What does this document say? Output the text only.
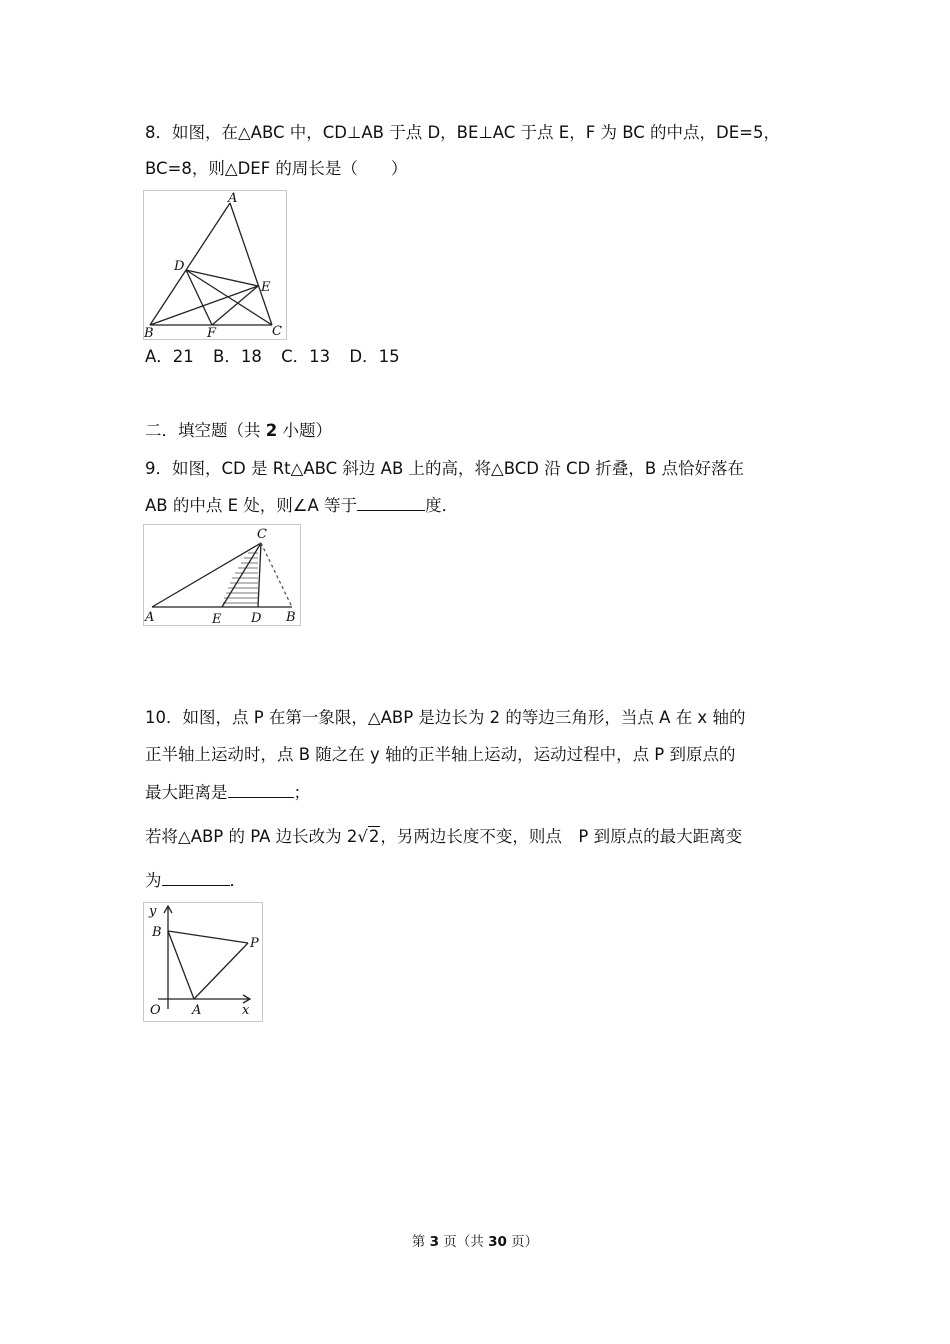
8．如图，在△ABC 中，CD⊥AB 于点 D，BE⊥AC 于点 E，F 为 BC 的中点，DE=5，
BC=8，则△DEF 的周长是（　　）
A
D
E
B	F	C
A．21 B．18 C．13 D．15
二．填空题（共 2 小题）
9．如图，CD 是 Rt△ABC 斜边 AB 上的高，将△BCD 沿 CD 折叠，B 点恰好落在
AB 的中点 E 处，则∠A 等于	度．
C
A	E D B
10．如图，点 P 在第一象限，△ABP 是边长为 2 的等边三角形，当点 A 在 x 轴的
正半轴上运动时，点 B 随之在 y 轴的正半轴上运动，运动过程中，点 P 到原点的
最大距离是	；
若将△ABP 的 PA 边长改为 2√2，另两边长度不变，则点　P 到原点的最大距离变
为	．
y
B
P
O A	x
第 3 页（共 30 页）
